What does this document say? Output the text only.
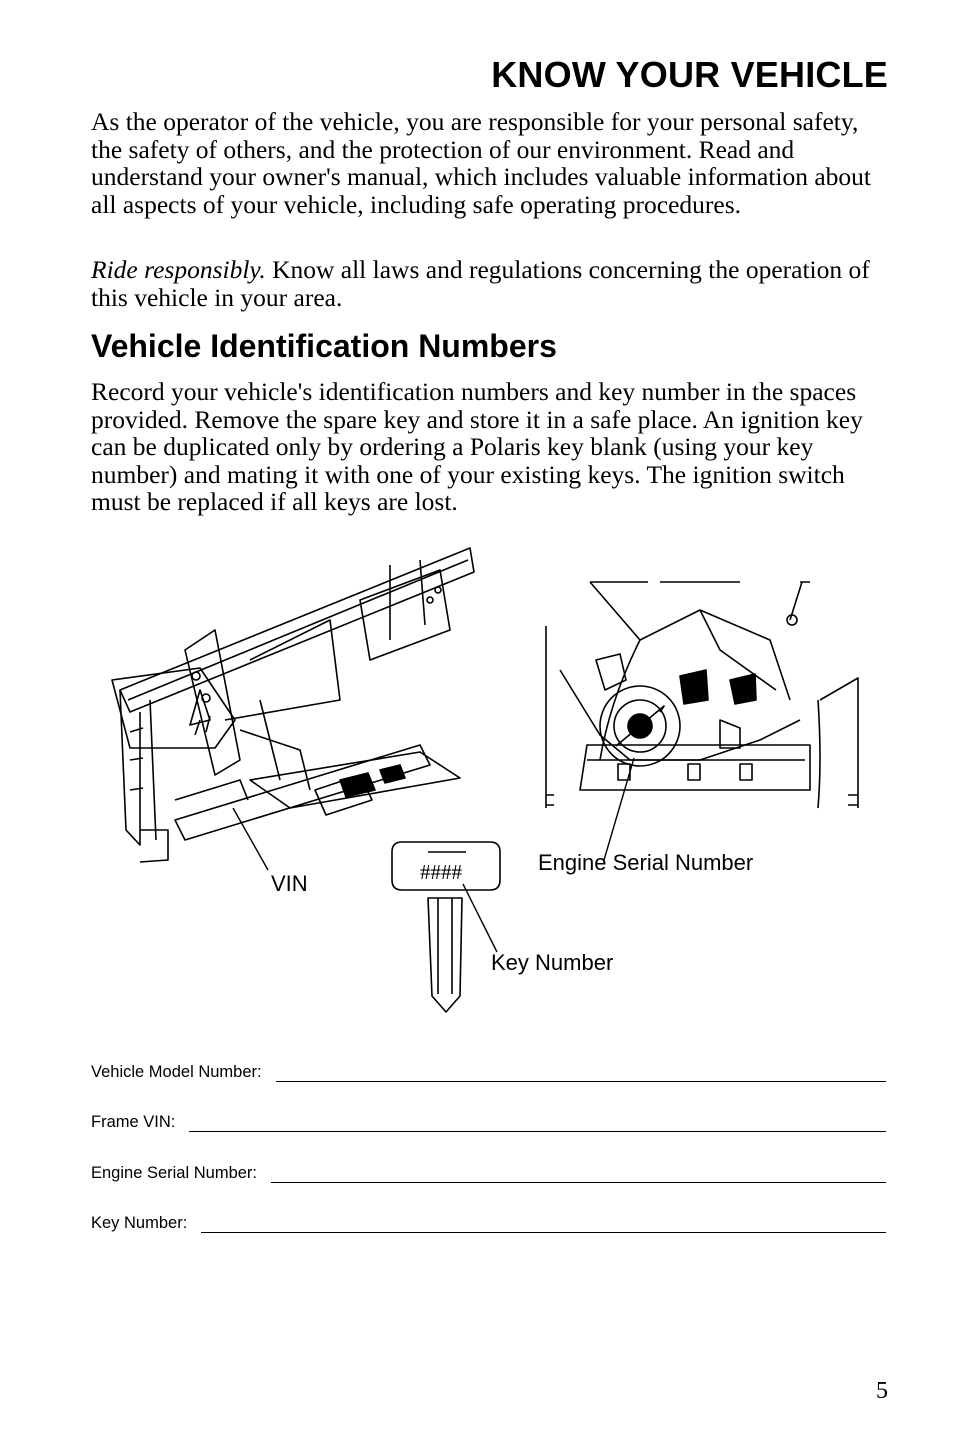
KNOW YOUR VEHICLE

As the operator of the vehicle, you are responsible for your personal safety, the safety of others, and the protection of our environment. Read and understand your owner's manual, which includes valuable information about all aspects of your vehicle, including safe operating procedures.

Ride responsibly. Know all laws and regulations concerning the operation of this vehicle in your area.

Vehicle Identification Numbers

Record your vehicle's identification numbers and key number in the spaces provided. Remove the spare key and store it in a safe place. An ignition key can be duplicated only by ordering a Polaris key blank (using your key number) and mating it with one of your existing keys. The ignition switch must be replaced if all keys are lost.

VIN
Engine Serial Number
Key Number
####
Vehicle Model Number:
Frame VIN:
Engine Serial Number:
Key Number:
5
